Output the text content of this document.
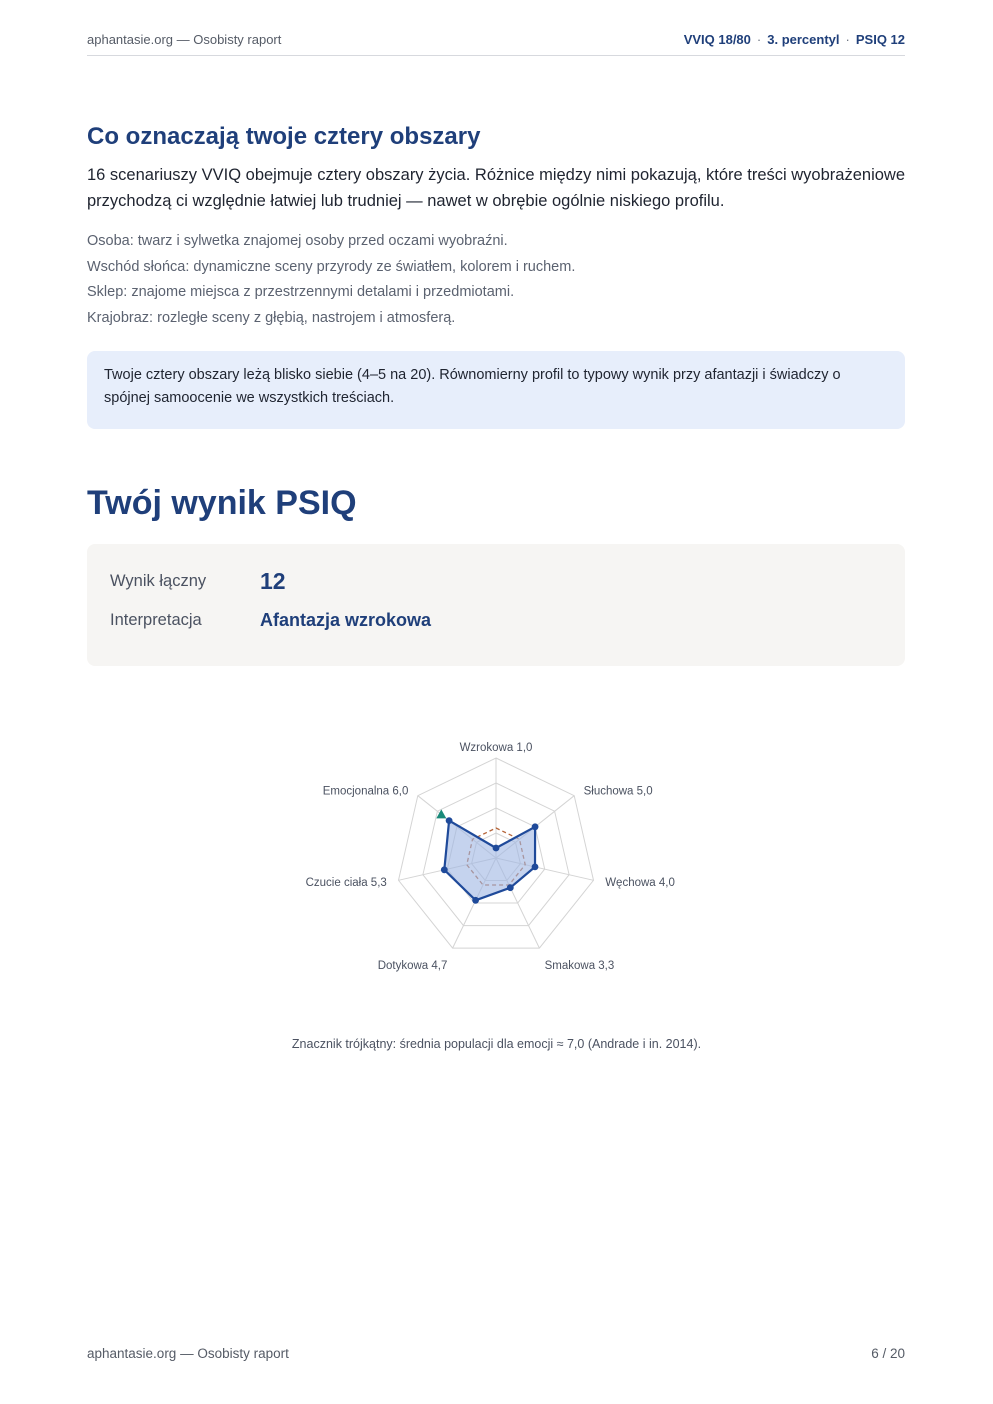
aphantasie.org — Osobisty raport	VVIQ 18/80 · 3. percentyl · PSIQ 12
Co oznaczają twoje cztery obszary

16 scenariuszy VVIQ obejmuje cztery obszary życia. Różnice między nimi pokazują, które treści wyobrażeniowe przychodzą ci względnie łatwiej lub trudniej — nawet w obrębie ogólnie niskiego profilu.

Osoba: twarz i sylwetka znajomej osoby przed oczami wyobraźni.
Wschód słońca: dynamiczne sceny przyrody ze światłem, kolorem i ruchem.
Sklep: znajome miejsca z przestrzennymi detalami i przedmiotami.
Krajobraz: rozległe sceny z głębią, nastrojem i atmosferą.
Twoje cztery obszary leżą blisko siebie (4–5 na 20). Równomierny profil to typowy wynik przy afantazji i świadczy o spójnej samoocenie we wszystkich treściach.
Twój wynik PSIQ
Wynik łączny	12
Interpretacja	Afantazja wzrokowa
Wzrokowa 1,0
Słuchowa 5,0
Węchowa 4,0
Smakowa 3,3
Dotykowa 4,7
Czucie ciała 5,3
Emocjonalna 6,0
Znacznik trójkątny: średnia populacji dla emocji ≈ 7,0 (Andrade i in. 2014).
aphantasie.org — Osobisty raport	6 / 20
